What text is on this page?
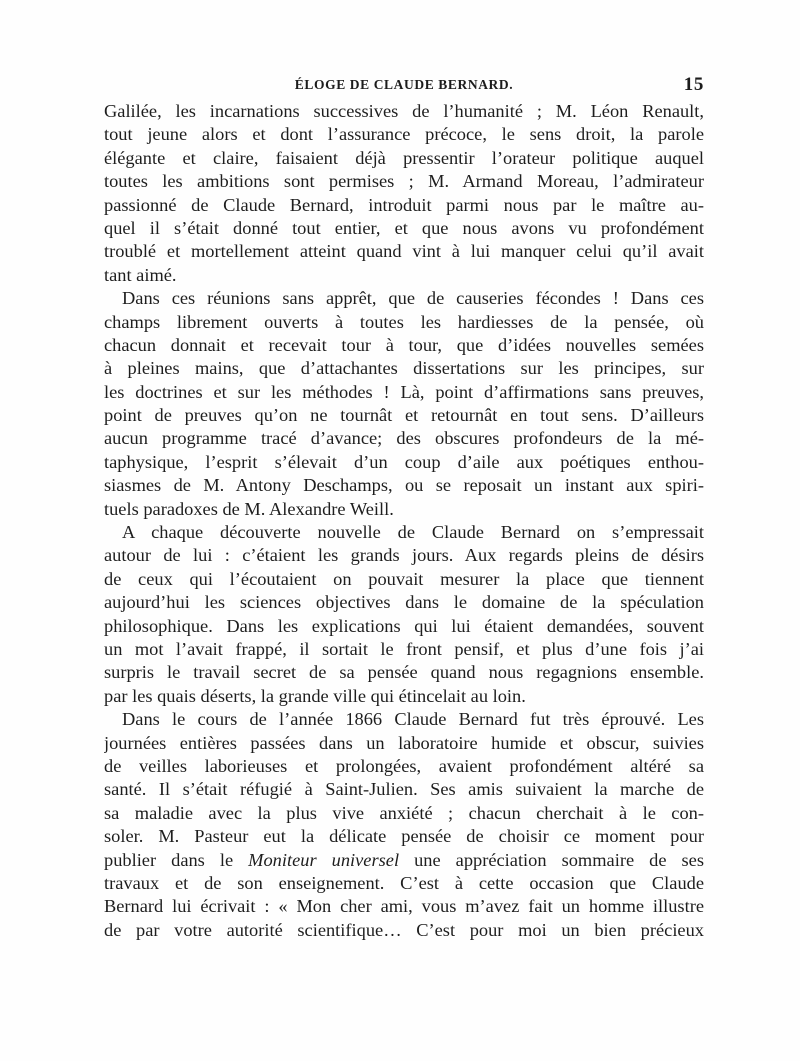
ÉLOGE DE CLAUDE BERNARD.	15

Galilée, les incarnations successives de l’humanité ; M. Léon Renault,
tout jeune alors et dont l’assurance précoce, le sens droit, la parole
élégante et claire, faisaient déjà pressentir l’orateur politique auquel
toutes les ambitions sont permises ; M. Armand Moreau, l’admirateur
passionné de Claude Bernard, introduit parmi nous par le maître au-
quel il s’était donné tout entier, et que nous avons vu profondément
troublé et mortellement atteint quand vint à lui manquer celui qu’il avait
tant aimé.

Dans ces réunions sans apprêt, que de causeries fécondes ! Dans ces
champs librement ouverts à toutes les hardiesses de la pensée, où
chacun donnait et recevait tour à tour, que d’idées nouvelles semées
à pleines mains, que d’attachantes dissertations sur les principes, sur
les doctrines et sur les méthodes ! Là, point d’affirmations sans preuves,
point de preuves qu’on ne tournât et retournât en tout sens. D’ailleurs
aucun programme tracé d’avance; des obscures profondeurs de la mé-
taphysique, l’esprit s’élevait d’un coup d’aile aux poétiques enthou-
siasmes de M. Antony Deschamps, ou se reposait un instant aux spiri-
tuels paradoxes de M. Alexandre Weill.

A chaque découverte nouvelle de Claude Bernard on s’empressait
autour de lui : c’étaient les grands jours. Aux regards pleins de désirs
de ceux qui l’écoutaient on pouvait mesurer la place que tiennent
aujourd’hui les sciences objectives dans le domaine de la spéculation
philosophique. Dans les explications qui lui étaient demandées, souvent
un mot l’avait frappé, il sortait le front pensif, et plus d’une fois j’ai
surpris le travail secret de sa pensée quand nous regagnions ensemble.
par les quais déserts, la grande ville qui étincelait au loin.

Dans le cours de l’année 1866 Claude Bernard fut très éprouvé. Les
journées entières passées dans un laboratoire humide et obscur, suivies
de veilles laborieuses et prolongées, avaient profondément altéré sa
santé. Il s’était réfugié à Saint-Julien. Ses amis suivaient la marche de
sa maladie avec la plus vive anxiété ; chacun cherchait à le con-
soler. M. Pasteur eut la délicate pensée de choisir ce moment pour
publier dans le Moniteur universel une appréciation sommaire de ses
travaux et de son enseignement. C’est à cette occasion que Claude
Bernard lui écrivait : « Mon cher ami, vous m’avez fait un homme illustre
de par votre autorité scientifique… C’est pour moi un bien précieux
